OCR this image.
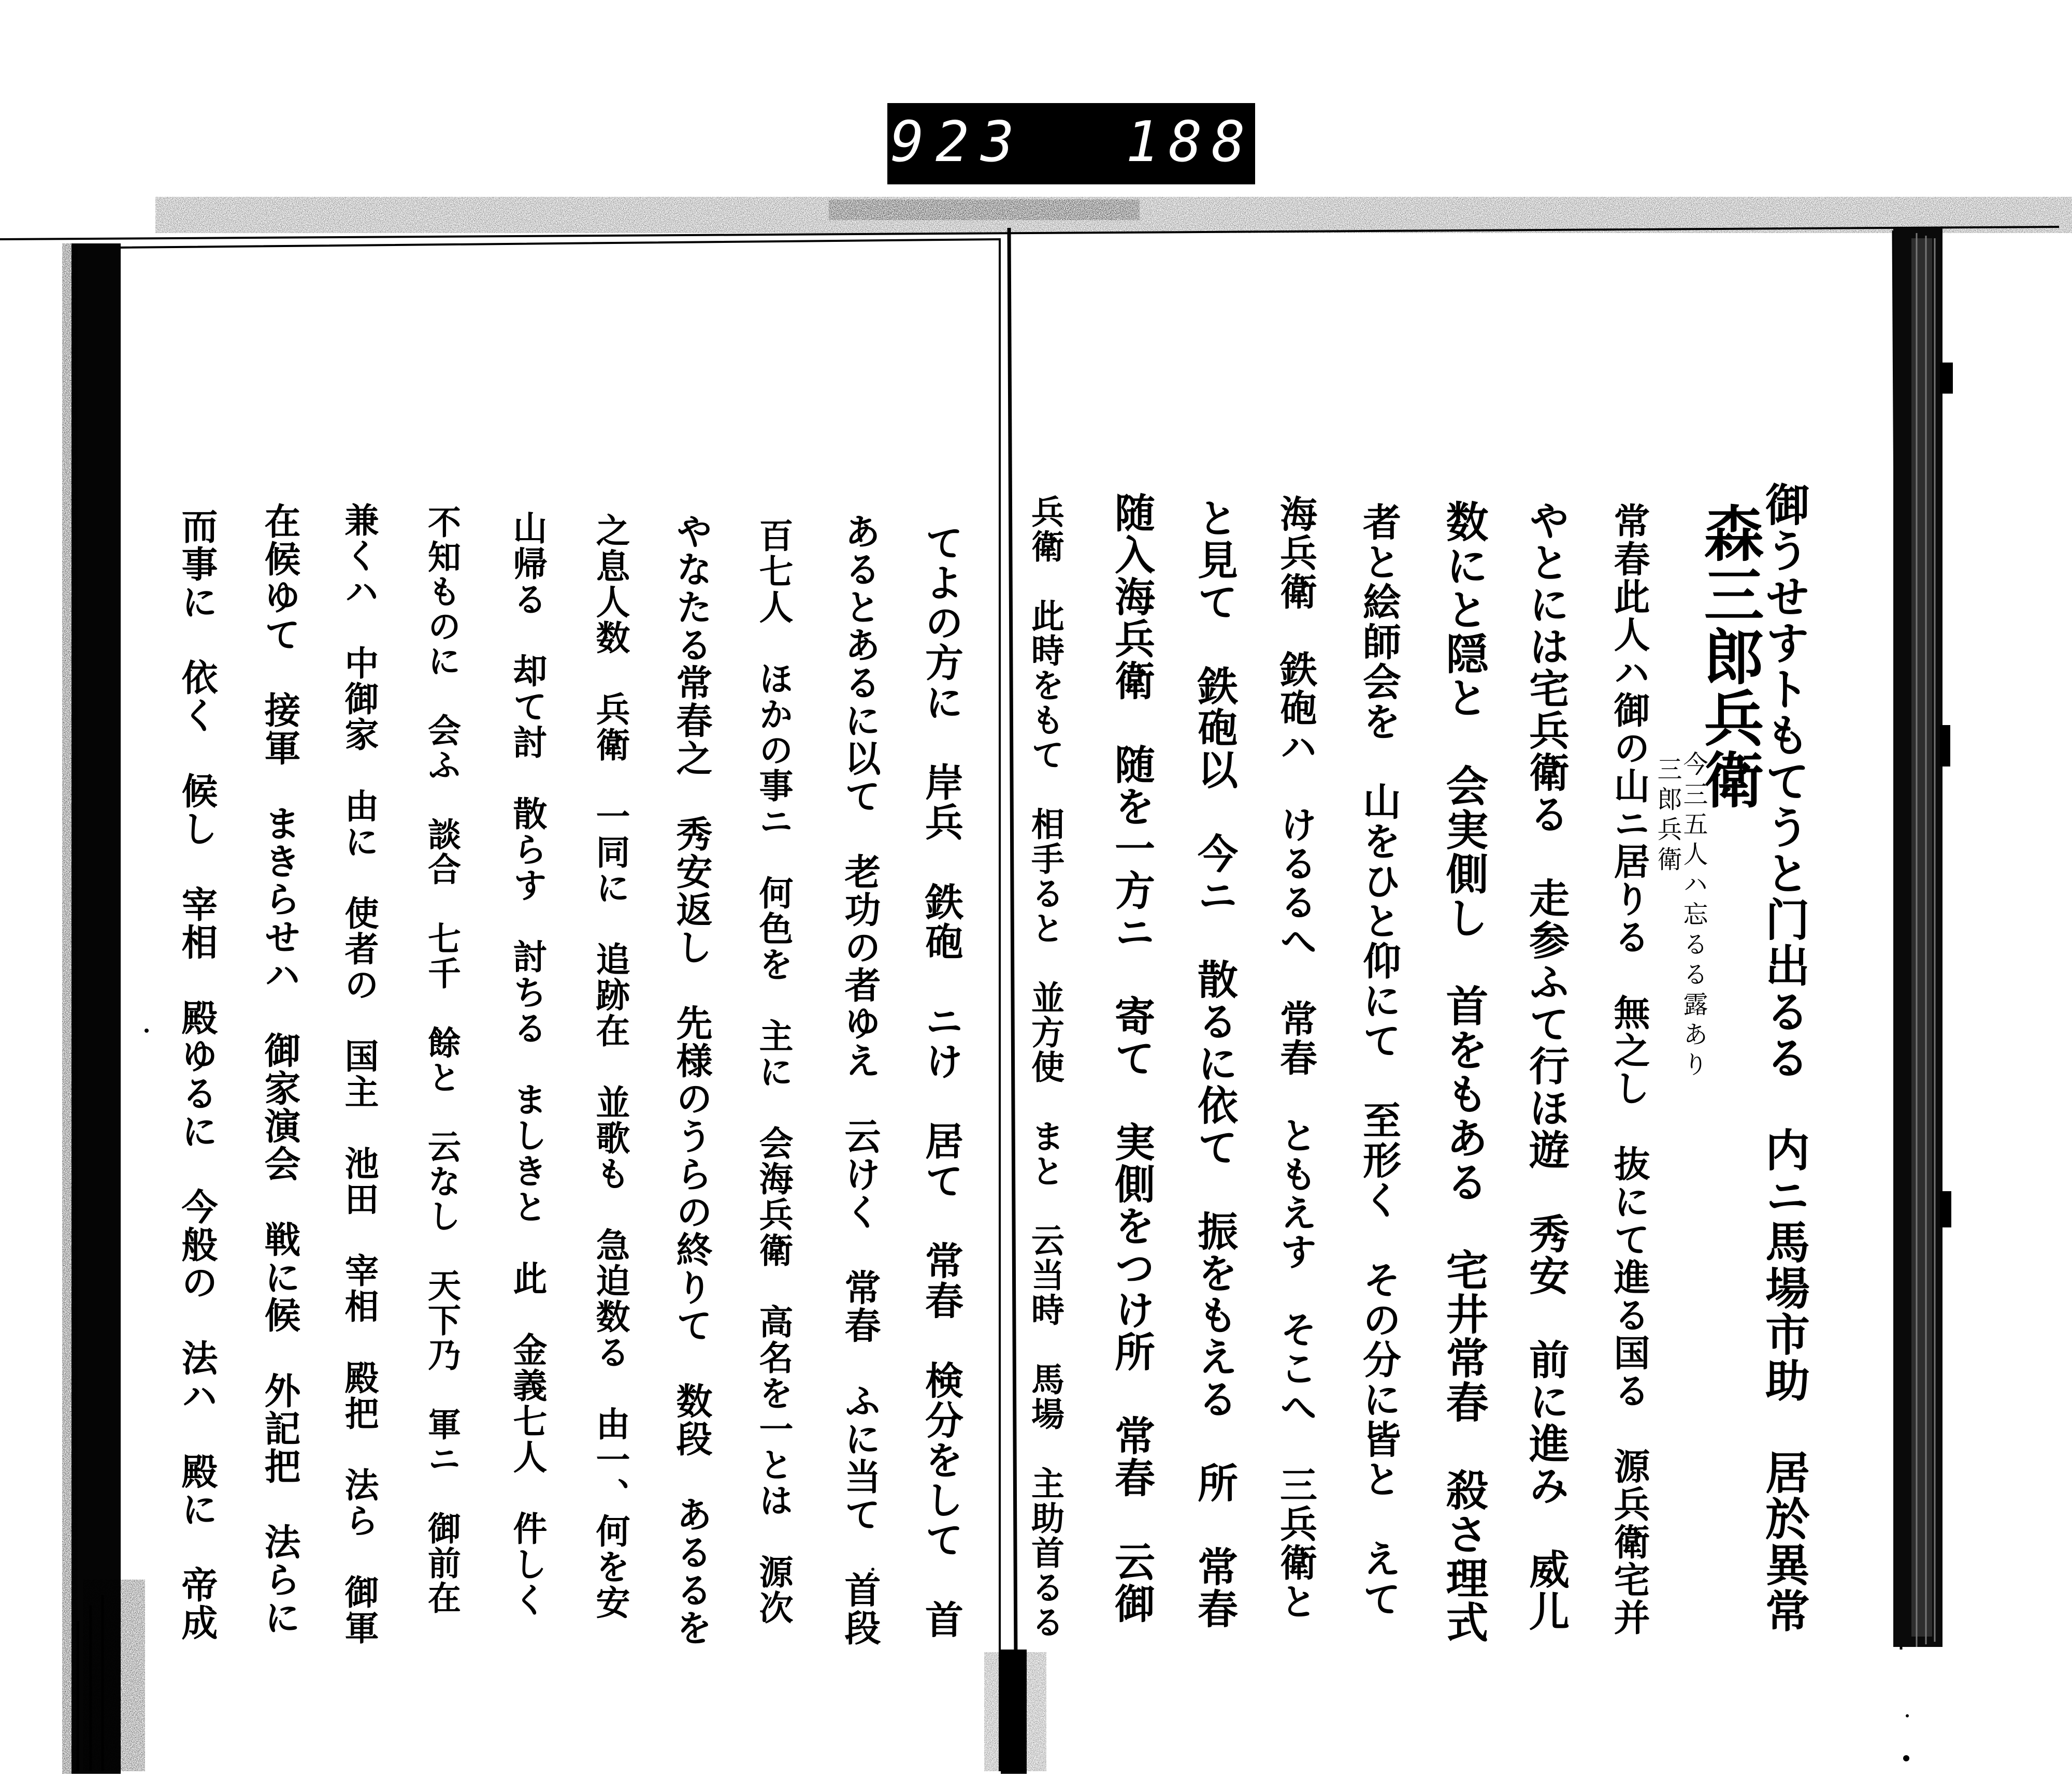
923 188.
御うせすトもてうと门出るる　内ニ馬場市助　居於異常
森三郎兵衛
今三五人ハ忘るる露あり
三郎兵衛
常春此人ハ御の山ニ居りる　無之し　抜にて進る国る　源兵衛宅并
やとには宅兵衛る　走参ふて行ほ遊　秀安　前に進み　威儿
数にと隠と　会実側し　首をもある　宅井常春　殺さ理式
者と絵師会を　山をひと仰にて　至形く　その分に皆と　えて
海兵衛　鉄砲ハ　けるるへ　常春　ともえす　そこへ　三兵衛と
と見て　鉄砲以　今ニ　散るに依て　振をもえる　所　常春
随入海兵衛　随を一方ニ　寄て　実側をつけ所　常春　云御
兵衛　此時をもて　相手ると　並方使　まと　云当時　馬場　主助首るる
てよの方に　岸兵　鉄砲　ニけ　居て　常春　検分をして　首
あるとあるに以て　老功の者ゆえ　云けく　常春　ふに当て　首段
百七人　ほかの事ニ　何色を　主に　会海兵衛　高名を一とは　源次
やなたる常春之　秀安返し　先様のうらの終りて　数段　あるるを
之息人数　兵衛　一同に　追跡在　並歌も　急迫数る　由一、何を安
山帰る　却て討　散らす　討ちる　ましきと　此　金義七人　件しく
不知ものに　会ふ　談合　七千　餘と　云なし　天下乃　軍ニ　御前在
兼くハ　中御家　由に　使者の　国主　池田　宰相　殿把　法ら　御軍
在候ゆて　接軍　まきらせハ　御家演会　戦に候　外記把　法らに
而事に　依く　候し　宰相　殿ゆるに　今般の　法ハ　殿に　帝成
